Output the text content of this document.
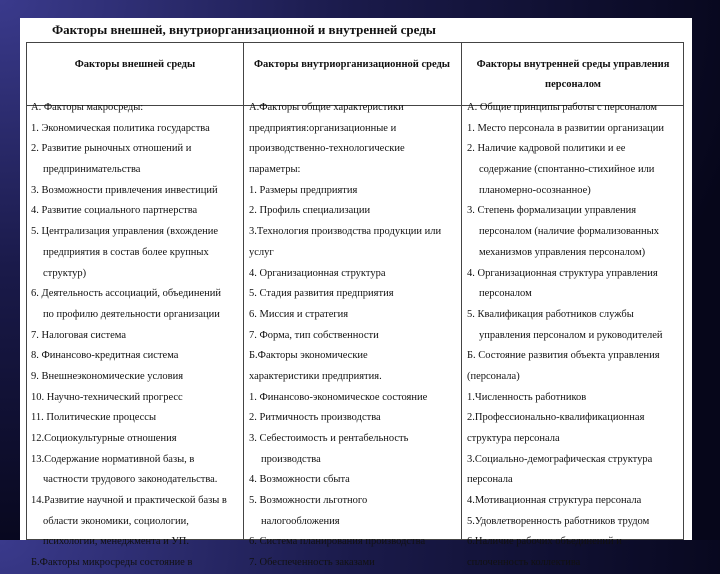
Факторы внешней, внутриорганизационной и внутренней среды
Факторы внешней среды	Факторы внутриорганизационной среды	Факторы внутренней среды управления
персоналом
А. Факторы макросреды:
1. Экономическая политика государства
2. Развитие рыночных отношений и
предпринимательства
3. Возможности привлечения инвестиций
4. Развитие социального партнерства
5. Централизация управления (вхождение
предприятия в состав более крупных
структур)
6. Деятельность ассоциаций, объединений
по профилю деятельности организации
7. Налоговая система
8. Финансово-кредитная система
9. Внешнеэкономические условия
10. Научно-технический прогресс
11. Политические процессы
12.Социокультурные отношения
13.Содержание нормативной базы, в
частности трудового законодательства.
14.Развитие научной и практической базы в
области экономики, социологии,
психологии, менеджмента и УП.
Б.Факторы микросреды состояние в
А.Факторы общие характеристики
предприятия:организационные и
производственно-технологические
параметры:
1. Размеры предприятия
2. Профиль специализации
3.Технология производства продукции или
услуг
4. Организационная структура
5. Стадия развития предприятия
6. Миссия и стратегия
7. Форма, тип собственности
Б.Факторы экономические
характеристики предприятия.
1. Финансово-экономическое состояние
2. Ритмичность производства
3. Себестоимость и рентабельность
производства
4. Возможности сбыта
5. Возможности льготного
налогообложения
6. Система планирования производства
7. Обеспеченность заказами
А. Общие принципы работы с персоналом
1. Место персонала в развитии организации
2. Наличие кадровой политики и ее
содержание (спонтанно-стихийное или
планомерно-осознанное)
3. Степень формализации управления
персоналом (наличие формализованных
механизмов управления персоналом)
4. Организационная структура управления
персоналом
5. Квалификация работников службы
управления персоналом и руководителей
Б. Состояние развития объекта управления
(персонала)
1.Численность работников
2.Профессионально-квалификационная
структура персонала
3.Социально-демографическая структура
персонала
4.Мотивационная структура персонала
5.Удовлетворенность работников трудом
6.Наличие рабочих объединений и
сплоченность коллектива
